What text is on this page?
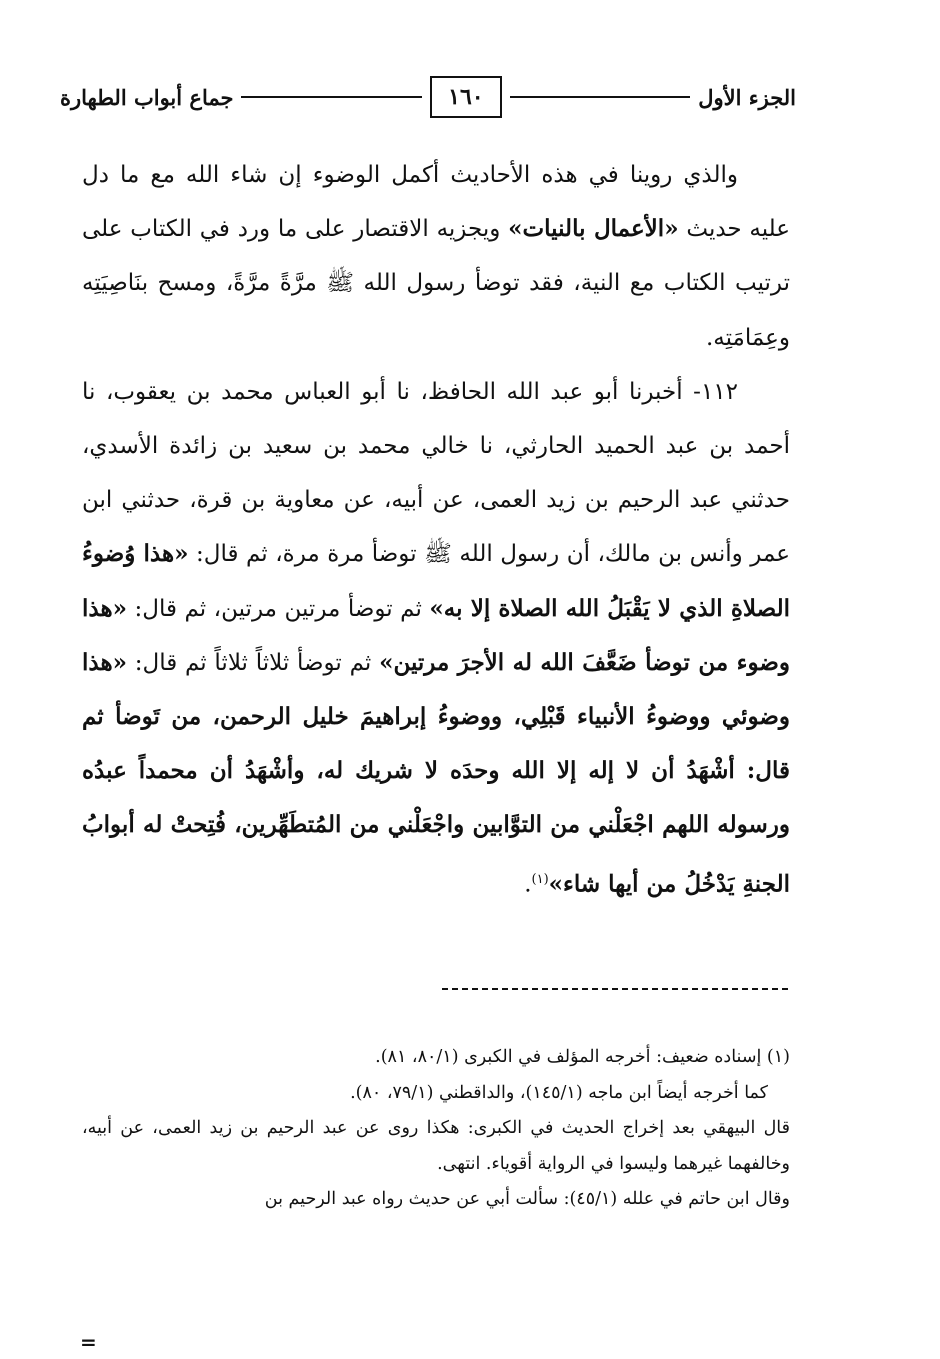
الجزء الأول
١٦٠
جماع أبواب الطهارة

والذي روينا في هذه الأحاديث أكمل الوضوء إن شاء الله مع ما دل عليه حديث «الأعمال بالنيات» ويجزيه الاقتصار على ما ورد في الكتاب على ترتيب الكتاب مع النية، فقد توضأ رسول الله ﷺ مرَّةً مرَّةً، ومسح بنَاصِيَتِه وعِمَامَتِه.

١١٢- أخبرنا أبو عبد الله الحافظ، نا أبو العباس محمد بن يعقوب، نا أحمد بن عبد الحميد الحارثي، نا خالي محمد بن سعيد بن زائدة الأسدي، حدثني عبد الرحيم بن زيد العمى، عن أبيه، عن معاوية بن قرة، حدثني ابن عمر وأنس بن مالك، أن رسول الله ﷺ توضأ مرة مرة، ثم قال: «هذا وُضوءُ الصلاةِ الذي لا يَقْبَلُ الله الصلاة إلا به» ثم توضأ مرتين مرتين، ثم قال: «هذا وضوء من توضأ ضَعَّفَ الله له الأجرَ مرتين» ثم توضأ ثلاثاً ثلاثاً ثم قال: «هذا وضوئي ووضوءُ الأنبياء قَبْلِي، ووضوءُ إبراهيمَ خليل الرحمن، من تَوضأ ثم قال: أشْهَدُ أن لا إله إلا الله وحدَه لا شريك له، وأشْهَدُ أن محمداً عبدُه ورسوله اللهم اجْعَلْني من التوَّابين واجْعَلْني من المُتطَهِّرين، فُتِحتْ له أبوابُ الجنةِ يَدْخُلُ من أيها شاء»$^{(١)}$.

(١) إسناده ضعيف: أخرجه المؤلف في الكبرى (٨٠/١، ٨١).

كما أخرجه أيضاً ابن ماجه (١٤٥/١)، والداقطني (٧٩/١، ٨٠).

قال البيهقي بعد إخراج الحديث في الكبرى: هكذا روى عن عبد الرحيم بن زيد العمى، عن أبيه، وخالفهما غيرهما وليسوا في الرواية أقوياء. انتهى.

وقال ابن حاتم في علله (٤٥/١): سألت أبي عن حديث رواه عبد الرحيم بن

=
